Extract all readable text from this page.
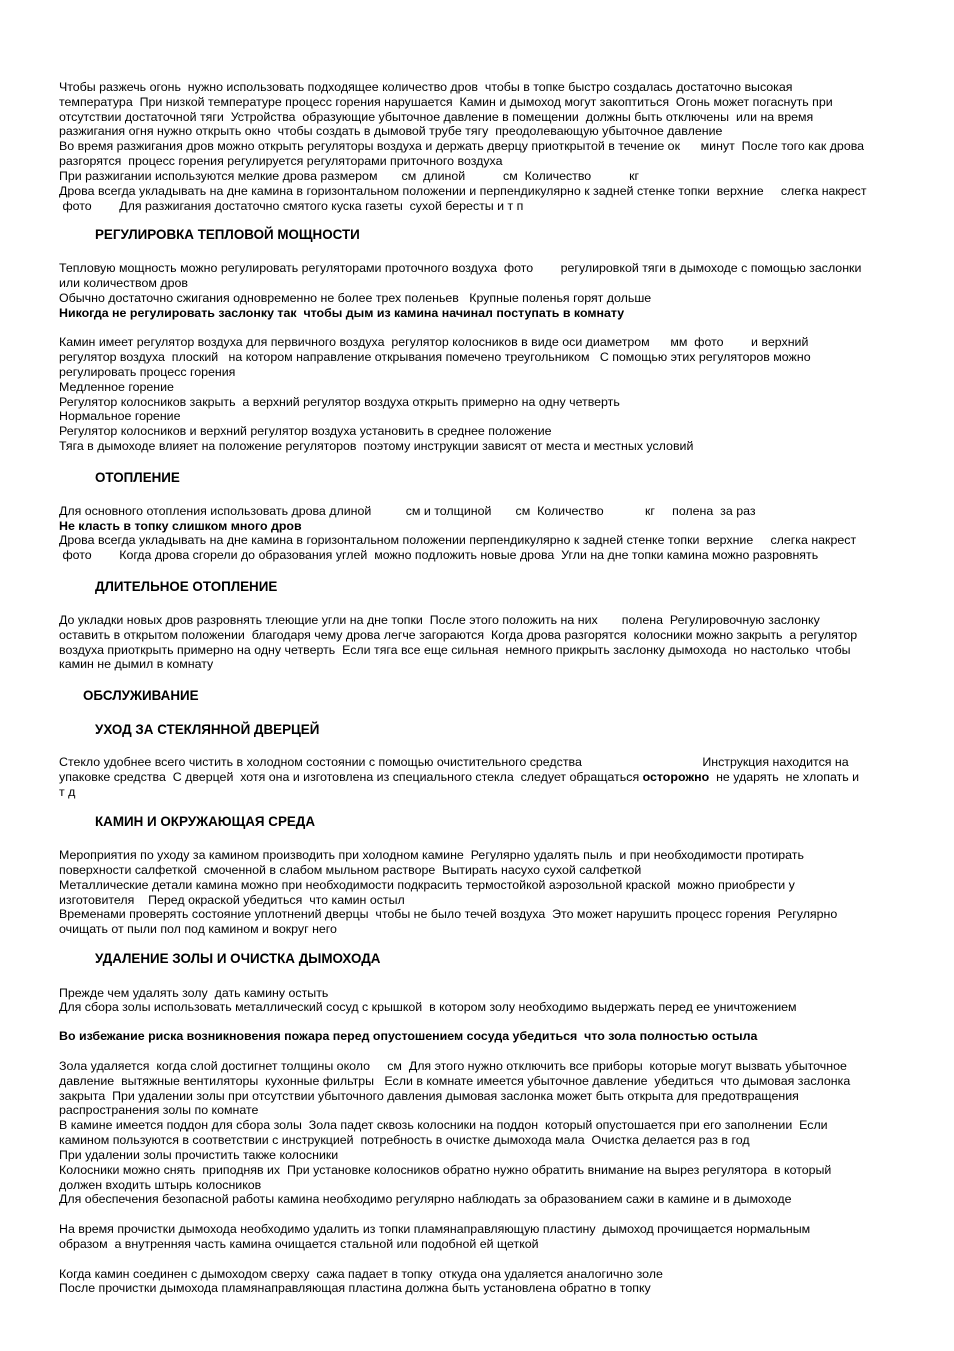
Чтобы разжечь огонь  нужно использовать подходящее количество дров  чтобы в топке быстро создалась достаточно высокая
температура  При низкой температуре процесс горения нарушается  Камин и дымоход могут закоптиться  Огонь может погаснуть при
отсутствии достаточной тяги  Устройства  образующие убыточное давление в помещении  должны быть отключены  или на время
разжигания огня нужно открыть окно  чтобы создать в дымовой трубе тягу  преодолевающую убыточное давление

Во время разжигания дров можно открыть регуляторы воздуха и держать дверцу приоткрытой в течение ок      минут  После того как дрова
разгорятся  процесс горения регулируется регуляторами приточного воздуха

При разжигании используются мелкие дрова размером       см  длиной           см  Количество           кг

Дрова всегда укладывать на дне камина в горизонтальном положении и перпендикулярно к задней стенке топки  верхние     слегка накрест
фото        Для разжигания достаточно смятого куска газеты  сухой бересты и т п

РЕГУЛИРОВКА ТЕПЛОВОЙ МОЩНОСТИ

Тепловую мощность можно регулировать регуляторами проточного воздуха  фото        регулировкой тяги в дымоходе с помощью заслонки
или количеством дров

Обычно достаточно сжигания одновременно не более трех поленьев   Крупные поленья горят дольше

Никогда не регулировать заслонку так  чтобы дым из камина начинал поступать в комнату

Камин имеет регулятор воздуха для первичного воздуха  регулятор колосников в виде оси диаметром      мм  фото        и верхний
регулятор воздуха  плоский   на котором направление открывания помечено треугольником   С помощью этих регуляторов можно
регулировать процесс горения

Медленное горение

Регулятор колосников закрыть  а верхний регулятор воздуха открыть примерно на одну четверть

Нормальное горение

Регулятор колосников и верхний регулятор воздуха установить в среднее положение

Тяга в дымоходе влияет на положение регуляторов  поэтому инструкции зависят от места и местных условий

ОТОПЛЕНИЕ

Для основного отопления использовать дрова длиной          см и толщиной       см  Количество            кг     полена  за раз

Не класть в топку слишком много дров

Дрова всегда укладывать на дне камина в горизонтальном положении перпендикулярно к задней стенке топки  верхние     слегка накрест
фото        Когда дрова сгорели до образования углей  можно подложить новые дрова  Угли на дне топки камина можно разровнять

ДЛИТЕЛЬНОЕ ОТОПЛЕНИЕ

До укладки новых дров разровнять тлеющие угли на дне топки  После этого положить на них       полена  Регулировочную заслонку
оставить в открытом положении  благодаря чему дрова легче загораются  Когда дрова разгорятся  колосники можно закрыть  а регулятор
воздуха приоткрыть примерно на одну четверть  Если тяга все еще сильная  немного прикрыть заслонку дымохода  но настолько  чтобы
камин не дымил в комнату

ОБСЛУЖИВАНИЕ
УХОД ЗА СТЕКЛЯННОЙ ДВЕРЦЕЙ

Стекло удобнее всего чистить в холодном состоянии с помощью очистительного средства                                   Инструкция находится на
упаковке средства  С дверцей  хотя она и изготовлена из специального стекла  следует обращаться осторожно  не ударять  не хлопать и
т д

КАМИН И ОКРУЖАЮЩАЯ СРЕДА

Мероприятия по уходу за камином производить при холодном камине  Регулярно удалять пыль  и при необходимости протирать
поверхности салфеткой  смоченной в слабом мыльном растворе  Вытирать насухо сухой салфеткой

Металлические детали камина можно при необходимости подкрасить термостойкой аэрозольной краской  можно приобрести у
изготовителя    Перед окраской убедиться  что камин остыл

Временами проверять состояние уплотнений дверцы  чтобы не было течей воздуха  Это может нарушить процесс горения  Регулярно
очищать от пыли пол под камином и вокруг него

УДАЛЕНИЕ ЗОЛЫ И ОЧИСТКА ДЫМОХОДА

Прежде чем удалять золу  дать камину остыть

Для сбора золы использовать металлический сосуд с крышкой  в котором золу необходимо выдержать перед ее уничтожением

Во избежание риска возникновения пожара перед опустошением сосуда убедиться  что зола полностью остыла

Зола удаляется  когда слой достигнет толщины около     см  Для этого нужно отключить все приборы  которые могут вызвать убыточное
давление  вытяжные вентиляторы  кухонные фильтры   Если в комнате имеется убыточное давление  убедиться  что дымовая заслонка
закрыта  При удалении золы при отсутствии убыточного давления дымовая заслонка может быть открыта для предотвращения
распространения золы по комнате

В камине имеется поддон для сбора золы  Зола падет сквозь колосники на поддон  который опустошается при его заполнении  Если
камином пользуются в соответствии с инструкцией  потребность в очистке дымохода мала  Очистка делается раз в год

При удалении золы прочистить также колосники

Колосники можно снять  приподняв их  При установке колосников обратно нужно обратить внимание на вырез регулятора  в который
должен входить штырь колосников

Для обеспечения безопасной работы камина необходимо регулярно наблюдать за образованием сажи в камине и в дымоходе

На время прочистки дымохода необходимо удалить из топки пламянаправляющую пластину  дымоход прочищается нормальным
образом  а внутренняя часть камина очищается стальной или подобной ей щеткой

Когда камин соединен с дымоходом сверху  сажа падает в топку  откуда она удаляется аналогично золе

После прочистки дымохода пламянаправляющая пластина должна быть установлена обратно в топку
